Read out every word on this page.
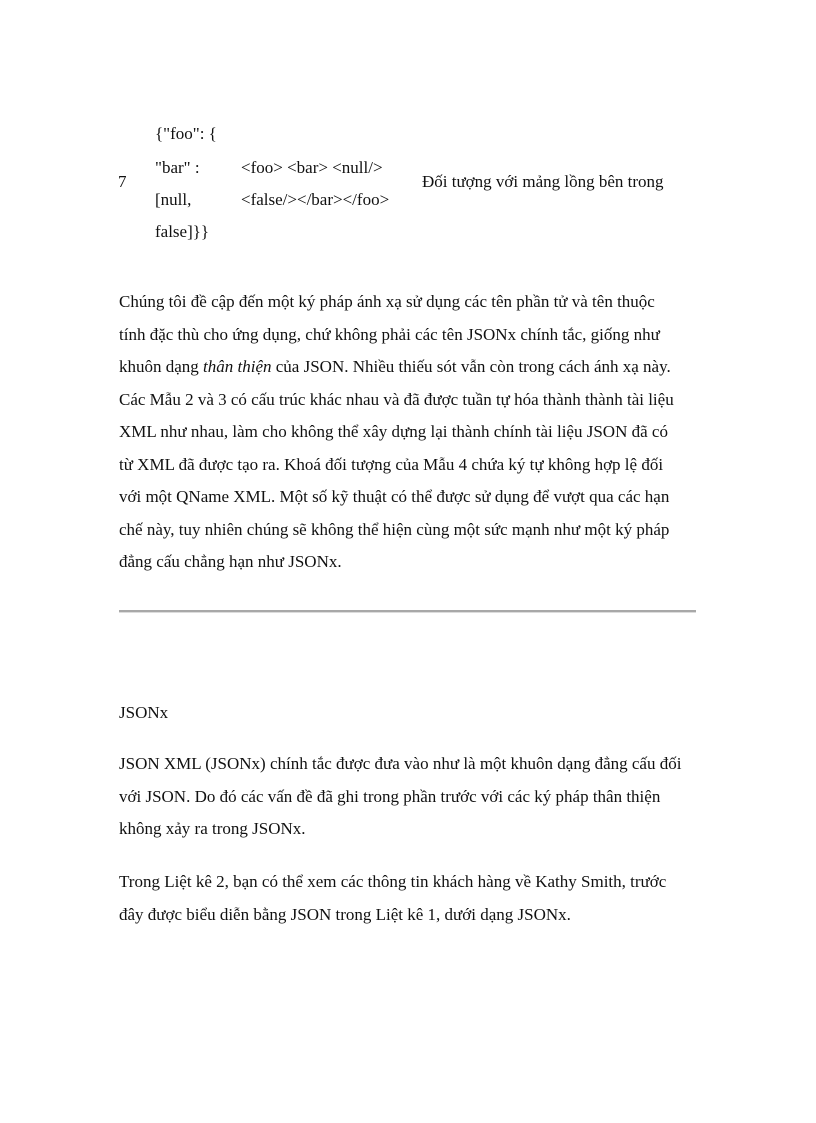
7
{"foo": {
"bar" :
[null,
false]}}
<foo> <bar> <null/>
<false/></bar></foo>
Đối tượng với mảng lồng bên trong
Chúng tôi đề cập đến một ký pháp ánh xạ sử dụng các tên phần tử và tên thuộc
tính đặc thù cho ứng dụng, chứ không phải các tên JSONx chính tắc, giống như
khuôn dạng thân thiện của JSON. Nhiều thiếu sót vẫn còn trong cách ánh xạ này.
Các Mẫu 2 và 3 có cấu trúc khác nhau và đã được tuần tự hóa thành thành tài liệu
XML như nhau, làm cho không thể xây dựng lại thành chính tài liệu JSON đã có
từ XML đã được tạo ra. Khoá đối tượng của Mẫu 4 chứa ký tự không hợp lệ đối
với một QName XML. Một số kỹ thuật có thể được sử dụng để vượt qua các hạn
chế này, tuy nhiên chúng sẽ không thể hiện cùng một sức mạnh như một ký pháp
đẳng cấu chẳng hạn như JSONx.
JSONx
JSON XML (JSONx) chính tắc được đưa vào như là một khuôn dạng đẳng cấu đối
với JSON. Do đó các vấn đề đã ghi trong phần trước với các ký pháp thân thiện
không xảy ra trong JSONx.
Trong Liệt kê 2, bạn có thể xem các thông tin khách hàng về Kathy Smith, trước
đây được biểu diễn bằng JSON trong Liệt kê 1, dưới dạng JSONx.
